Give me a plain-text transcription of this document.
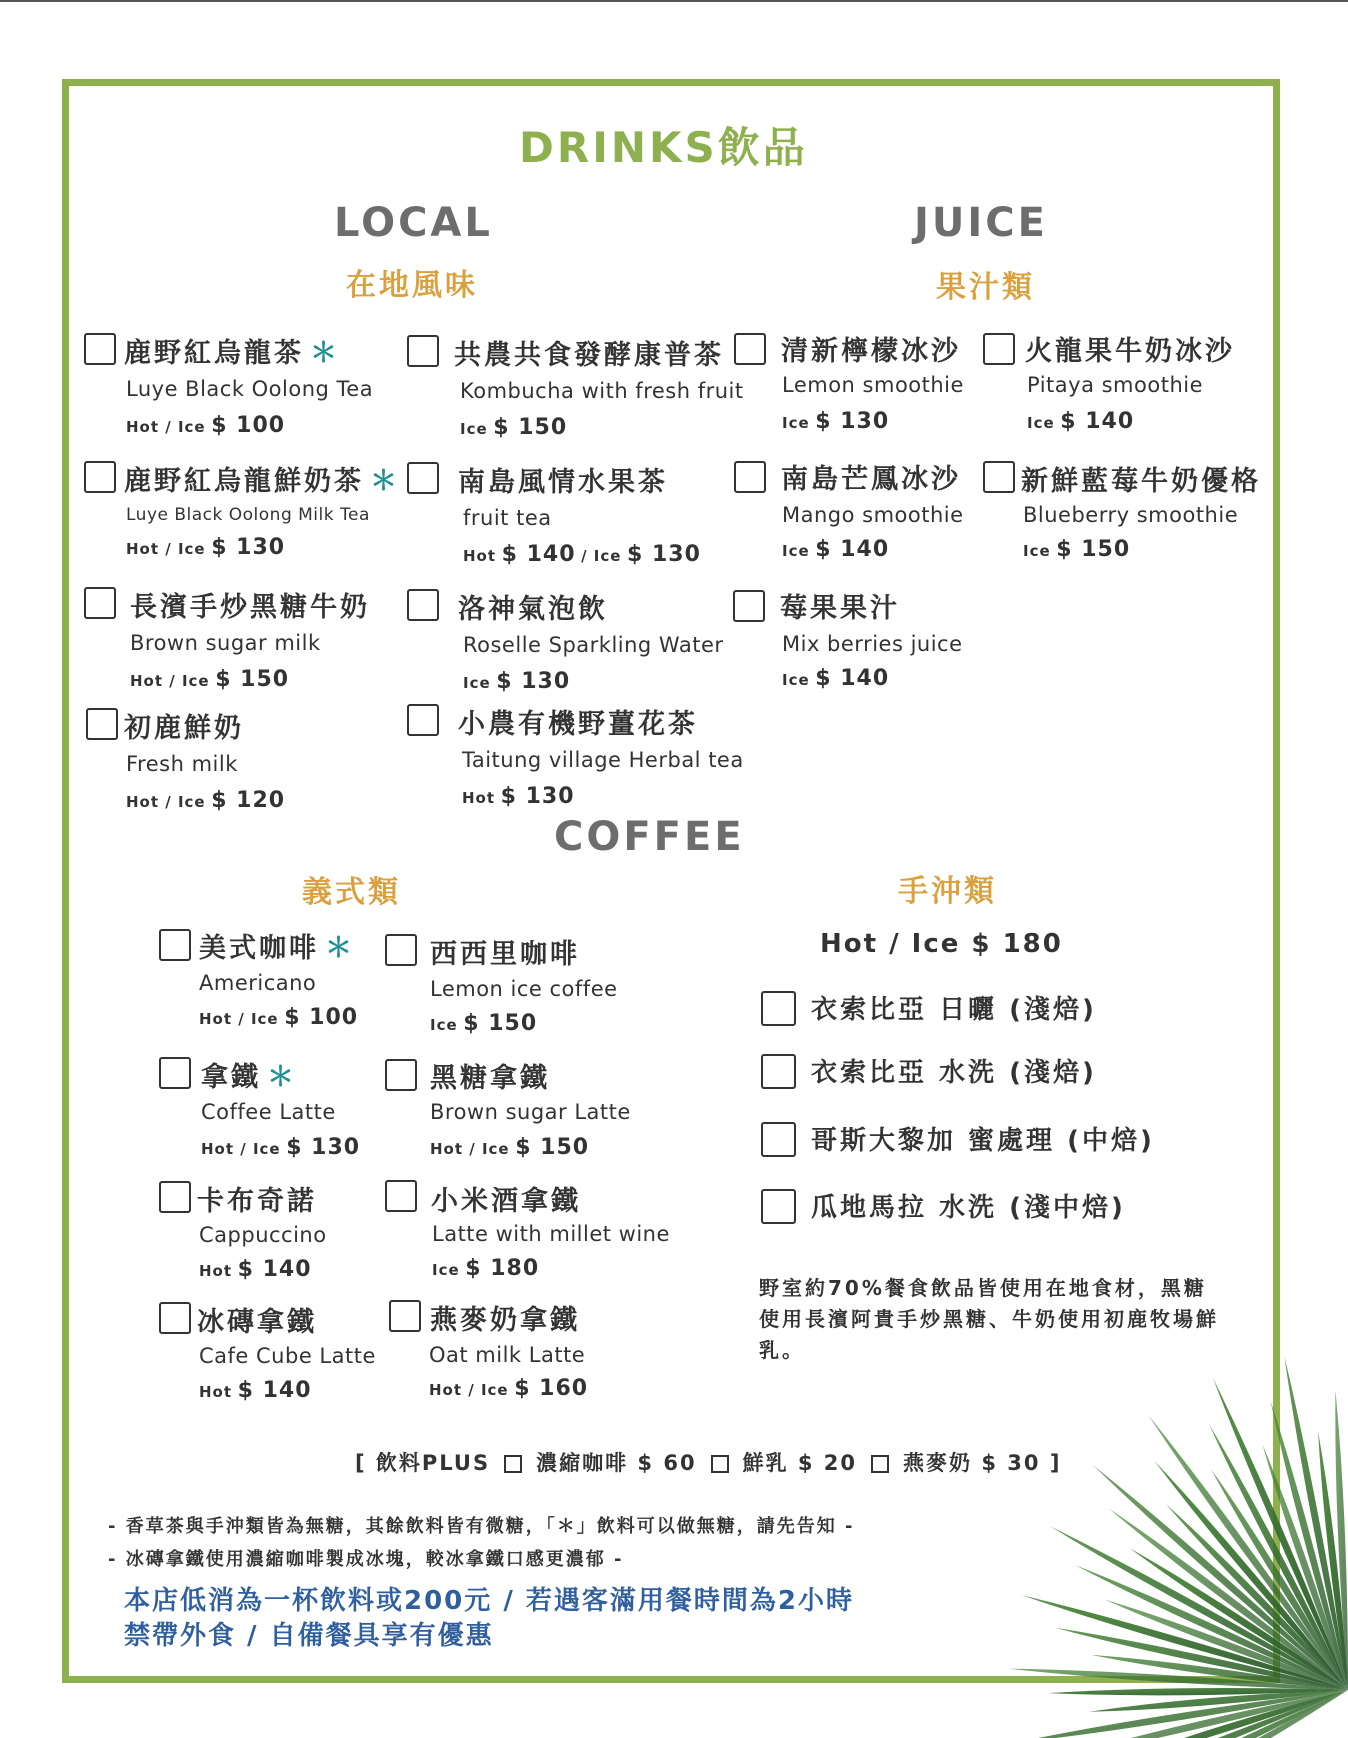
DRINKS飲品
LOCAL
在地風味
JUICE
果汁類
鹿野紅烏龍茶 ＊
Luye Black Oolong Tea
Hot / Ice $ 100
鹿野紅烏龍鮮奶茶 ＊
Luye Black Oolong Milk Tea
Hot / Ice $ 130
長濱手炒黑糖牛奶
Brown sugar milk
Hot / Ice $ 150
初鹿鮮奶
Fresh milk
Hot / Ice $ 120
共農共食發酵康普茶
Kombucha with fresh fruit
Ice $ 150
南島風情水果茶
fruit tea
Hot $ 140 / Ice $ 130
洛神氣泡飲
Roselle Sparkling Water
Ice $ 130
小農有機野薑花茶
Taitung village Herbal tea
Hot $ 130
清新檸檬冰沙
Lemon smoothie
Ice $ 130
南島芒鳳冰沙
Mango smoothie
Ice $ 140
莓果果汁
Mix berries juice
Ice $ 140
火龍果牛奶冰沙
Pitaya smoothie
Ice $ 140
新鮮藍莓牛奶優格
Blueberry smoothie
Ice $ 150
COFFEE
義式類	手沖類
美式咖啡 ＊
Americano
Hot / Ice $ 100
拿鐵 ＊
Coffee Latte
Hot / Ice $ 130
卡布奇諾
Cappuccino
Hot $ 140
冰磚拿鐵
Cafe Cube Latte
Hot $ 140
西西里咖啡
Lemon ice coffee
Ice $ 150
黑糖拿鐵
Brown sugar Latte
Hot / Ice $ 150
小米酒拿鐵
Latte with millet wine
Ice $ 180
燕麥奶拿鐵
Oat milk Latte
Hot / Ice $ 160
Hot / Ice $ 180
衣索比亞 日曬 (淺焙)
衣索比亞 水洗 (淺焙)
哥斯大黎加 蜜處理 (中焙)
瓜地馬拉 水洗 (淺中焙)
野室約70%餐食飲品皆使用在地食材，黑糖使用長濱阿貴手炒黑糖、牛奶使用初鹿牧場鮮乳。
[ 飲料PLUS 濃縮咖啡 $ 60 鮮乳 $ 20 燕麥奶 $ 30 ]
- 香草茶與手沖類皆為無糖，其餘飲料皆有微糖，「＊」飲料可以做無糖，請先告知 -
- 冰磚拿鐵使用濃縮咖啡製成冰塊，較冰拿鐵口感更濃郁 -
本店低消為一杯飲料或200元 / 若遇客滿用餐時間為2小時
禁帶外食 / 自備餐具享有優惠
